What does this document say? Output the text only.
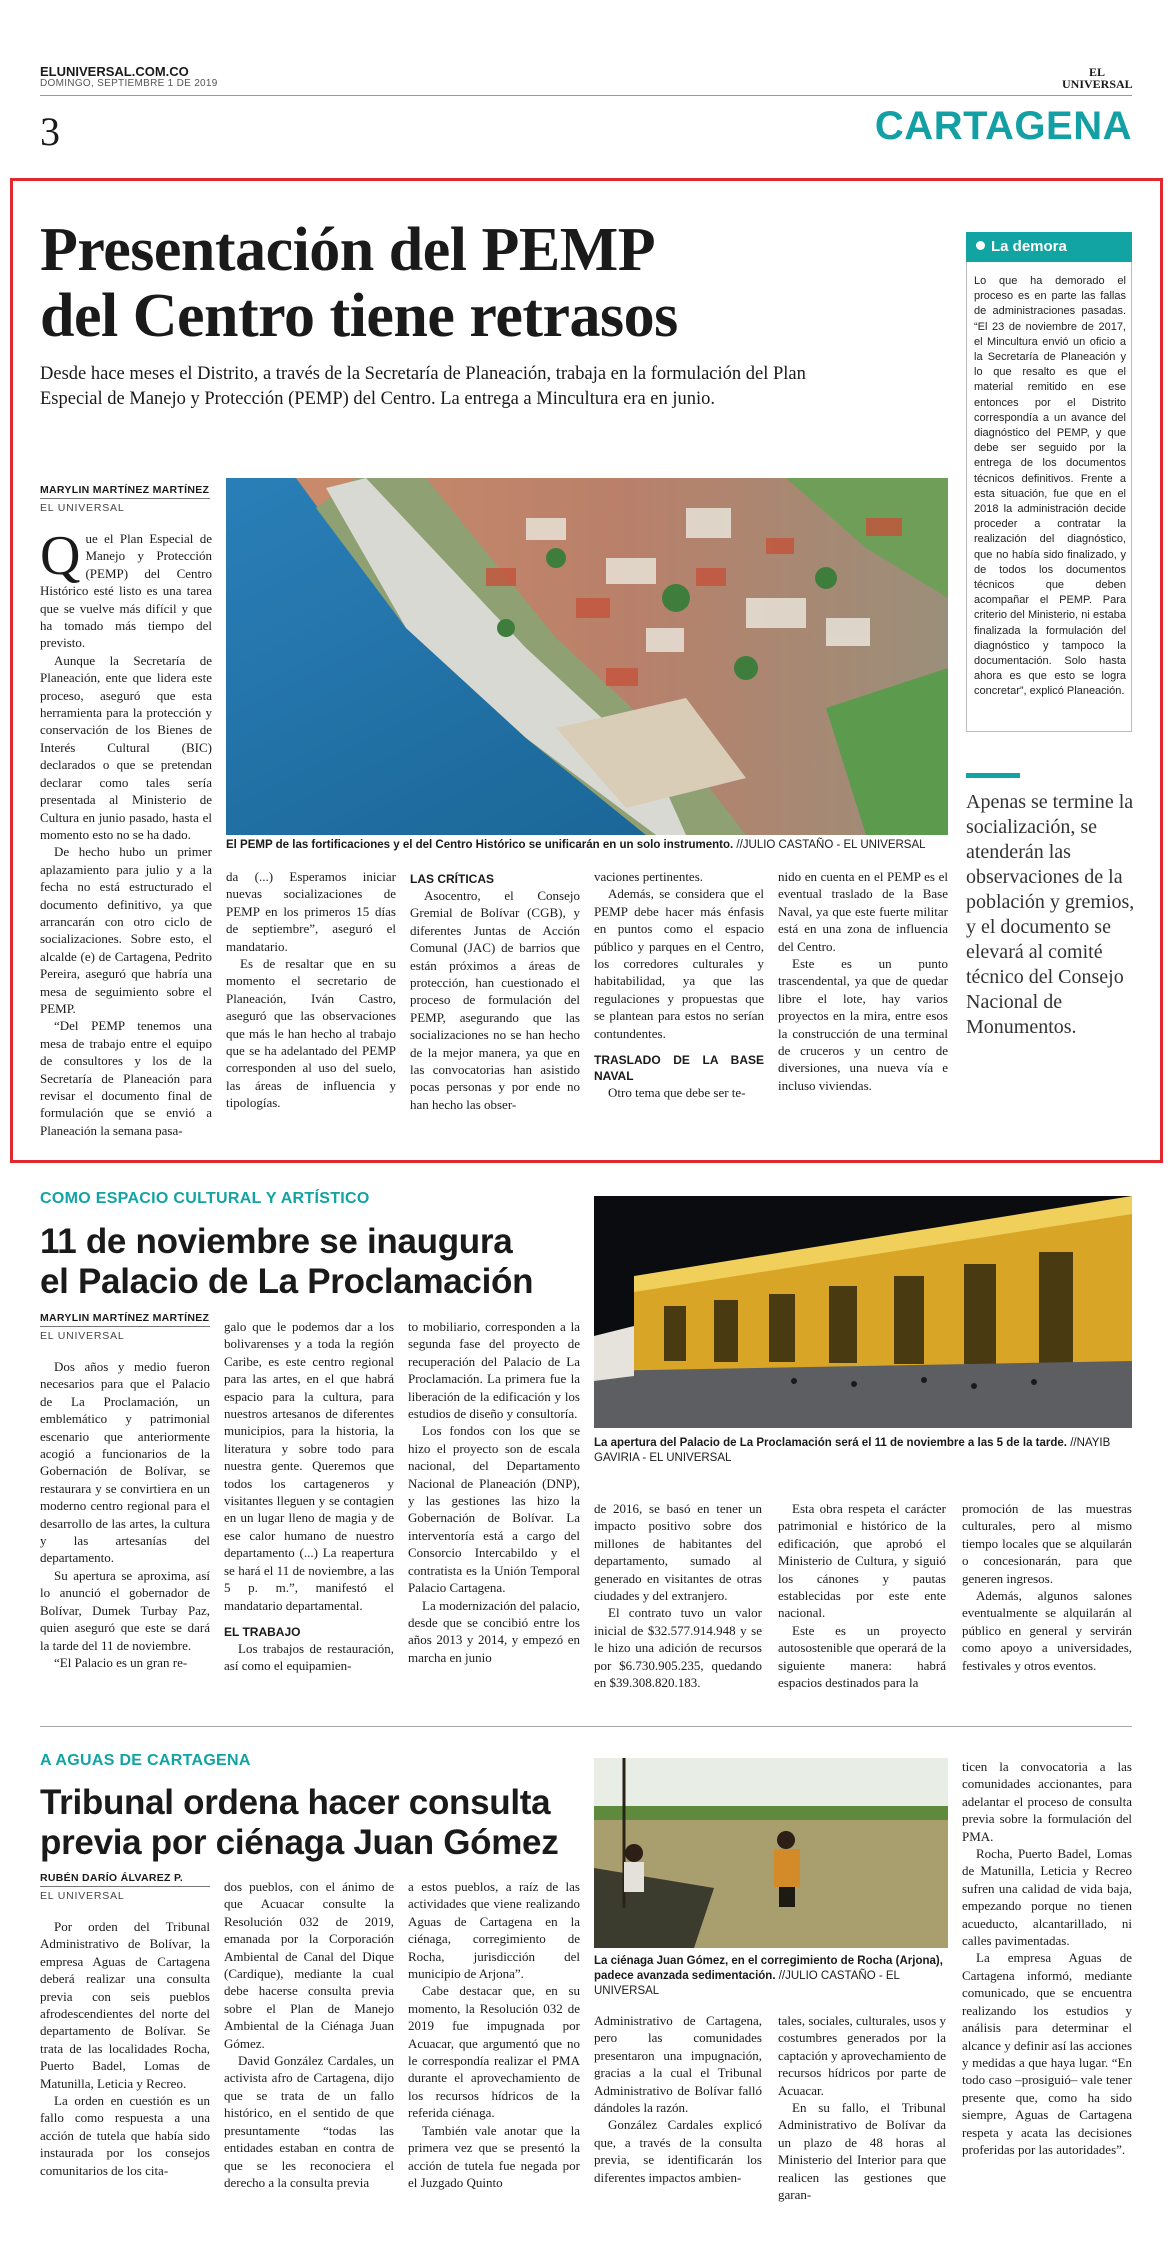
ELUNIVERSAL.COM.CO
DOMINGO, SEPTIEMBRE 1 DE 2019
EL
UNIVERSAL
3	CARTAGENA
Presentación del PEMP
del Centro tiene retrasos
Desde hace meses el Distrito, a través de la Secretaría de Planeación, trabaja en la formulación del Plan Especial de Manejo y Protección (PEMP) del Centro. La entrega a Mincultura era en junio.
MARYLIN MARTÍNEZ MARTÍNEZ
EL UNIVERSAL
El PEMP de las fortificaciones y el del Centro Histórico se unificarán en un solo instrumento. //JULIO CASTAÑO - EL UNIVERSAL

Que el Plan Especial de Manejo y Protección (PEMP) del Centro Histórico esté listo es una tarea que se vuelve más difícil y que ha tomado más tiempo del previsto.

Aunque la Secretaría de Planeación, ente que lidera este proceso, aseguró que esta herramienta para la protección y conservación de los Bienes de Interés Cultural (BIC) declarados o que se pretendan declarar como tales sería presentada al Ministerio de Cultura en junio pasado, hasta el momento esto no se ha dado.

De hecho hubo un primer aplazamiento para julio y a la fecha no está estructurado el documento definitivo, ya que arrancarán con otro ciclo de socializaciones. Sobre esto, el alcalde (e) de Cartagena, Pedrito Pereira, aseguró que habría una mesa de seguimiento sobre el PEMP.

“Del PEMP tenemos una mesa de trabajo entre el equipo de consultores y los de la Secretaría de Planeación para revisar el documento final de formulación que se envió a Planeación la semana pasa-

da (...) Esperamos iniciar nuevas socializaciones de PEMP en los primeros 15 días de septiembre”, aseguró el mandatario.

Es de resaltar que en su momento el secretario de Planeación, Iván Castro, aseguró que las observaciones que más le han hecho al trabajo que se ha adelantado del PEMP corresponden al uso del suelo, las áreas de influencia y tipologías.

LAS CRÍTICAS

Asocentro, el Consejo Gremial de Bolívar (CGB), y diferentes Juntas de Acción Comunal (JAC) de barrios que están próximos a áreas de protección, han cuestionado el proceso de formulación del PEMP, asegurando que las socializaciones no se han hecho de la mejor manera, ya que en las convocatorias han asistido pocas personas y por ende no han hecho las obser-

vaciones pertinentes.

Además, se considera que el PEMP debe hacer más énfasis en puntos como el espacio público y parques en el Centro, los corredores culturales y habitabilidad, ya que las regulaciones y propuestas que se plantean para estos no serían contundentes.

TRASLADO DE LA BASE NAVAL

Otro tema que debe ser te-

nido en cuenta en el PEMP es el eventual traslado de la Base Naval, ya que este fuerte militar está en una zona de influencia del Centro.

Este es un punto trascendental, ya que de quedar libre el lote, hay varios proyectos en la mira, entre esos la construcción de una terminal de cruceros y un centro de diversiones, una nueva vía e incluso viviendas.

La demora
Lo que ha demorado el proceso es en parte las fallas de administraciones pasadas. “El 23 de noviembre de 2017, el Mincultura envió un oficio a la Secretaría de Planeación y lo que resalto es que el material remitido en ese entonces por el Distrito correspondía a un avance del diagnóstico del PEMP, y que debe ser seguido por la entrega de los documentos técnicos definitivos. Frente a esta situación, fue que en el 2018 la administración decide proceder a contratar la realización del diagnóstico, que no había sido finalizado, y de todos los documentos técnicos que deben acompañar el PEMP. Para criterio del Ministerio, ni estaba finalizada la formulación del diagnóstico y tampoco la documentación. Solo hasta ahora es que esto se logra concretar”, explicó Planeación.
Apenas se termine la socialización, se atenderán las observaciones de la población y gremios, y el documento se elevará al comité técnico del Consejo Nacional de Monumentos.
COMO ESPACIO CULTURAL Y ARTÍSTICO
11 de noviembre se inaugura
el Palacio de La Proclamación
MARYLIN MARTÍNEZ MARTÍNEZ
EL UNIVERSAL
La apertura del Palacio de La Proclamación será el 11 de noviembre a las 5 de la tarde. //NAYIB GAVIRIA - EL UNIVERSAL

Dos años y medio fueron necesarios para que el Palacio de La Proclamación, un emblemático y patrimonial escenario que anteriormente acogió a funcionarios de la Gobernación de Bolívar, se restaurara y se convirtiera en un moderno centro regional para el desarrollo de las artes, la cultura y las artesanías del departamento.

Su apertura se aproxima, así lo anunció el gobernador de Bolívar, Dumek Turbay Paz, quien aseguró que este se dará la tarde del 11 de noviembre.

“El Palacio es un gran re-

galo que le podemos dar a los bolivarenses y a toda la región Caribe, es este centro regional para las artes, en el que habrá espacio para la cultura, para nuestros artesanos de diferentes municipios, para la historia, la literatura y sobre todo para nuestra gente. Queremos que todos los cartageneros y visitantes lleguen y se contagien en un lugar lleno de magia y de ese calor humano de nuestro departamento (...) La reapertura se hará el 11 de noviembre, a las 5 p. m.”, manifestó el mandatario departamental.

EL TRABAJO

Los trabajos de restauración, así como el equipamien-

to mobiliario, corresponden a la segunda fase del proyecto de recuperación del Palacio de La Proclamación. La primera fue la liberación de la edificación y los estudios de diseño y consultoría.

Los fondos con los que se hizo el proyecto son de escala nacional, del Departamento Nacional de Planeación (DNP), y las gestiones las hizo la Gobernación de Bolívar. La interventoría está a cargo del Consorcio Intercabildo y el contratista es la Unión Temporal Palacio Cartagena.

La modernización del palacio, desde que se concibió entre los años 2013 y 2014, y empezó en marcha en junio

de 2016, se basó en tener un impacto positivo sobre dos millones de habitantes del departamento, sumado al generado en visitantes de otras ciudades y del extranjero.

El contrato tuvo un valor inicial de $32.577.914.948 y se le hizo una adición de recursos por $6.730.905.235, quedando en $39.308.820.183.

Esta obra respeta el carácter patrimonial e histórico de la edificación, que aprobó el Ministerio de Cultura, y siguió los cánones y pautas establecidas por este ente nacional.

Este es un proyecto autosostenible que operará de la siguiente manera: habrá espacios destinados para la

promoción de las muestras culturales, pero al mismo tiempo locales que se alquilarán o concesionarán, para que generen ingresos.

Además, algunos salones eventualmente se alquilarán al público en general y servirán como apoyo a universidades, festivales y otros eventos.

A AGUAS DE CARTAGENA
Tribunal ordena hacer consulta
previa por ciénaga Juan Gómez
RUBÉN DARÍO ÁLVAREZ P.
EL UNIVERSAL
La ciénaga Juan Gómez, en el corregimiento de Rocha (Arjona), padece avanzada sedimentación. //JULIO CASTAÑO - EL UNIVERSAL

Por orden del Tribunal Administrativo de Bolívar, la empresa Aguas de Cartagena deberá realizar una consulta previa con seis pueblos afrodescendientes del norte del departamento de Bolívar. Se trata de las localidades Rocha, Puerto Badel, Lomas de Matunilla, Leticia y Recreo.

La orden en cuestión es un fallo como respuesta a una acción de tutela que había sido instaurada por los consejos comunitarios de los cita-

dos pueblos, con el ánimo de que Acuacar consulte la Resolución 032 de 2019, emanada por la Corporación Ambiental de Canal del Dique (Cardique), mediante la cual debe hacerse consulta previa sobre el Plan de Manejo Ambiental de la Ciénaga Juan Gómez.

David González Cardales, un activista afro de Cartagena, dijo que se trata de un fallo histórico, en el sentido de que presuntamente “todas las entidades estaban en contra de que se les reconociera el derecho a la consulta previa

a estos pueblos, a raíz de las actividades que viene realizando Aguas de Cartagena en la ciénaga, corregimiento de Rocha, jurisdicción del municipio de Arjona”.

Cabe destacar que, en su momento, la Resolución 032 de 2019 fue impugnada por Acuacar, que argumentó que no le correspondía realizar el PMA durante el aprovechamiento de los recursos hídricos de la referida ciénaga.

También vale anotar que la primera vez que se presentó la acción de tutela fue negada por el Juzgado Quinto

Administrativo de Cartagena, pero las comunidades presentaron una impugnación, gracias a la cual el Tribunal Administrativo de Bolívar falló dándoles la razón.

González Cardales explicó que, a través de la consulta previa, se identificarán los diferentes impactos ambien-

tales, sociales, culturales, usos y costumbres generados por la captación y aprovechamiento de recursos hídricos por parte de Acuacar.

En su fallo, el Tribunal Administrativo de Bolívar da un plazo de 48 horas al Ministerio del Interior para que realicen las gestiones que garan-

ticen la convocatoria a las comunidades accionantes, para adelantar el proceso de consulta previa sobre la formulación del PMA.

Rocha, Puerto Badel, Lomas de Matunilla, Leticia y Recreo sufren una calidad de vida baja, empezando porque no tienen acueducto, alcantarillado, ni calles pavimentadas.

La empresa Aguas de Cartagena informó, mediante comunicado, que se encuentra realizando los estudios y análisis para determinar el alcance y definir así las acciones y medidas a que haya lugar. “En todo caso –prosiguió– vale tener presente que, como ha sido siempre, Aguas de Cartagena respeta y acata las decisiones proferidas por las autoridades”.
